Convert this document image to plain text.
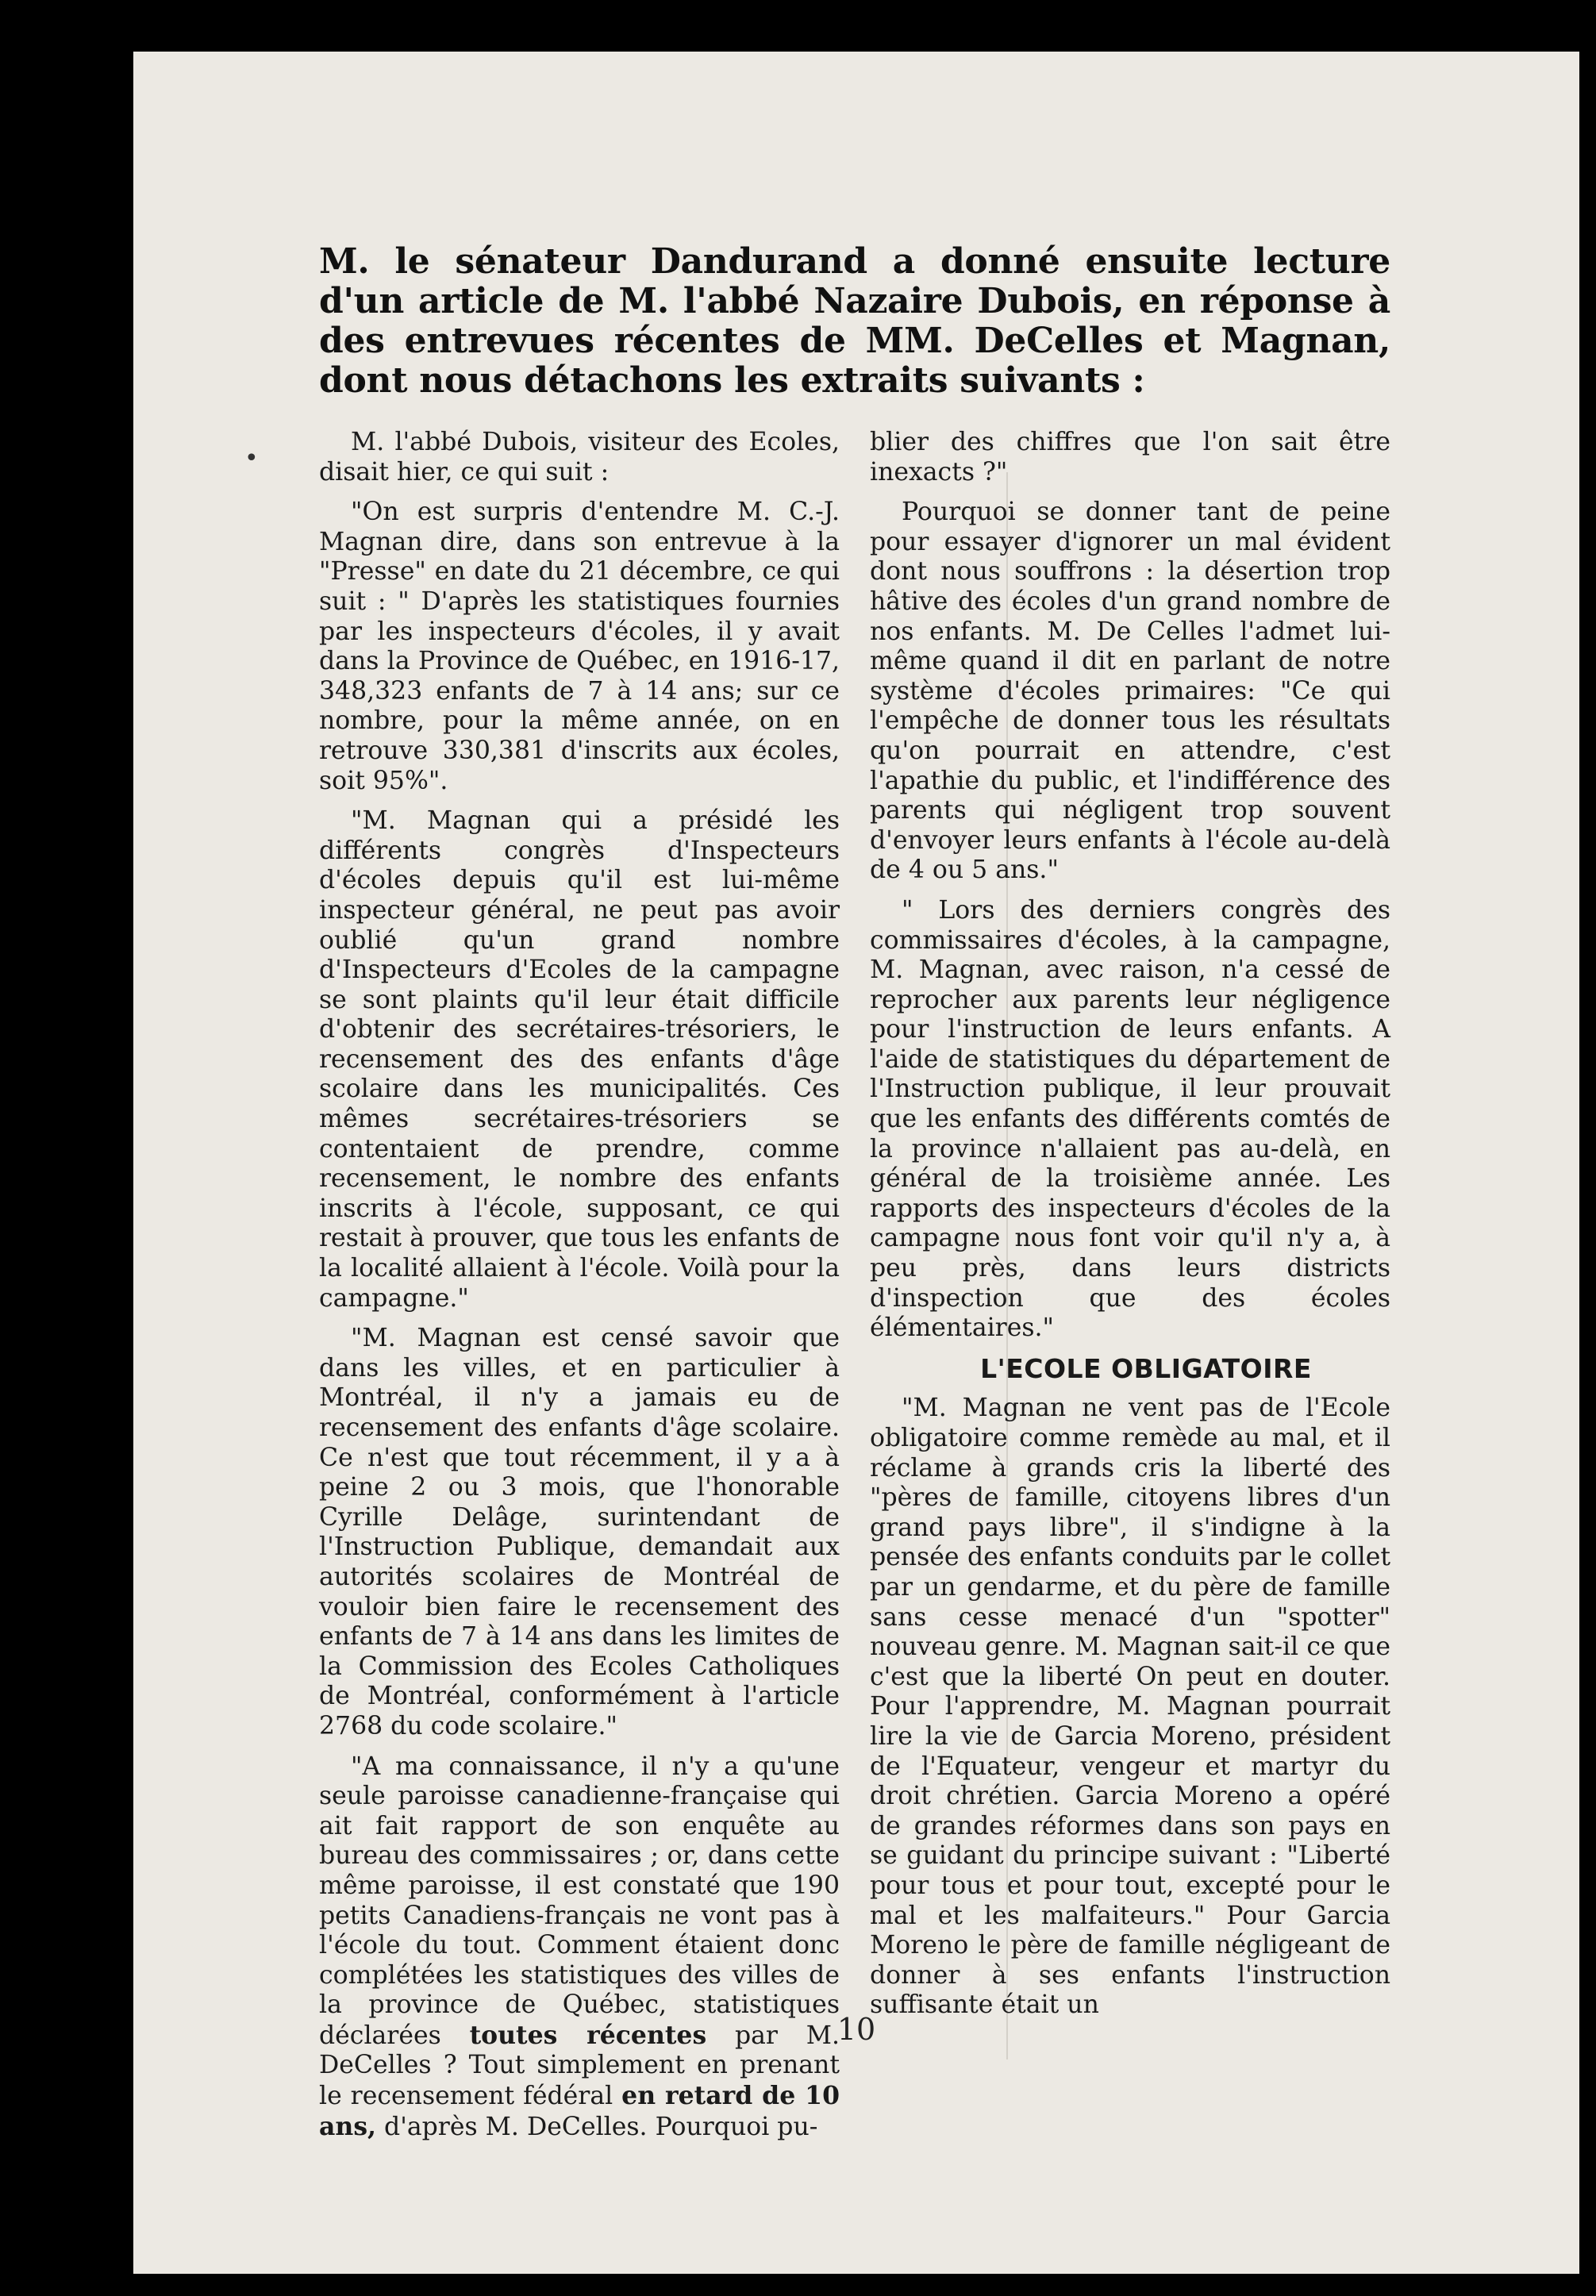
•

M. le sénateur Dandurand a donné ensuite lecture d'un article de M. l'abbé Nazaire Dubois, en réponse à des entrevues récentes de MM. DeCelles et Magnan, dont nous détachons les extraits suivants :

M. l'abbé Dubois, visiteur des Ecoles, disait hier, ce qui suit :

"On est surpris d'entendre M. C.-J. Magnan dire, dans son entrevue à la "Presse" en date du 21 décembre, ce qui suit : " D'après les statistiques fournies par les inspecteurs d'écoles, il y avait dans la Province de Québec, en 1916-17, 348,323 enfants de 7 à 14 ans; sur ce nombre, pour la même année, on en retrouve 330,381 d'inscrits aux écoles, soit 95%".

"M. Magnan qui a présidé les différents congrès d'Inspecteurs d'écoles depuis qu'il est lui-même inspecteur général, ne peut pas avoir oublié qu'un grand nombre d'Inspecteurs d'Ecoles de la campagne se sont plaints qu'il leur était difficile d'obtenir des secrétaires-trésoriers, le recensement des des enfants d'âge scolaire dans les municipalités. Ces mêmes secrétaires-trésoriers se contentaient de prendre, comme recensement, le nombre des enfants inscrits à l'école, supposant, ce qui restait à prouver, que tous les enfants de la localité allaient à l'école. Voilà pour la campagne."

"M. Magnan est censé savoir que dans les villes, et en particulier à Montréal, il n'y a jamais eu de recensement des enfants d'âge scolaire. Ce n'est que tout récemment, il y a à peine 2 ou 3 mois, que l'honorable Cyrille Delâge, surintendant de l'Instruction Publique, demandait aux autorités scolaires de Montréal de vouloir bien faire le recensement des enfants de 7 à 14 ans dans les limites de la Commission des Ecoles Catholiques de Montréal, conformément à l'article 2768 du code scolaire."

"A ma connaissance, il n'y a qu'une seule paroisse canadienne-française qui ait fait rapport de son enquête au bureau des commissaires ; or, dans cette même paroisse, il est constaté que 190 petits Canadiens-français ne vont pas à l'école du tout. Comment étaient donc complétées les statistiques des villes de la province de Québec, statistiques déclarées toutes récentes par M. DeCelles ? Tout simplement en prenant le recensement fédéral en retard de 10 ans, d'après M. DeCelles. Pourquoi pu-

blier des chiffres que l'on sait être inexacts ?"

Pourquoi se donner tant de peine pour essayer d'ignorer un mal évident dont nous souffrons : la désertion trop hâtive des écoles d'un grand nombre de nos enfants. M. De Celles l'admet lui-même quand il dit en parlant de notre système d'écoles primaires: "Ce qui l'empêche de donner tous les résultats qu'on pourrait en attendre, c'est l'apathie du public, et l'indifférence des parents qui négligent trop souvent d'envoyer leurs enfants à l'école au-delà de 4 ou 5 ans."

" Lors des derniers congrès des commissaires d'écoles, à la campagne, M. Magnan, avec raison, n'a cessé de reprocher aux parents leur négligence pour l'instruction de leurs enfants. A l'aide de statistiques du département de l'Instruction publique, il leur prouvait que les enfants des différents comtés de la province n'allaient pas au-delà, en général de la troisième année. Les rapports des inspecteurs d'écoles de la campagne nous font voir qu'il n'y a, à peu près, dans leurs districts d'inspection que des écoles élémentaires."

L'ECOLE OBLIGATOIRE

"M. Magnan ne vent pas de l'Ecole obligatoire comme remède au mal, et il réclame à grands cris la liberté des "pères de famille, citoyens libres d'un grand pays libre", il s'indigne à la pensée des enfants conduits par le collet par un gendarme, et du père de famille sans cesse menacé d'un "spotter" nouveau genre. M. Magnan sait-il ce que c'est que la liberté On peut en douter. Pour l'apprendre, M. Magnan pourrait lire la vie de Garcia Moreno, président de l'Equateur, vengeur et martyr du droit chrétien. Garcia Moreno a opéré de grandes réformes dans son pays en se guidant du principe suivant : "Liberté pour tous et pour tout, excepté pour le mal et les malfaiteurs." Pour Garcia Moreno le père de famille négligeant de donner à ses enfants l'instruction suffisante était un

10
